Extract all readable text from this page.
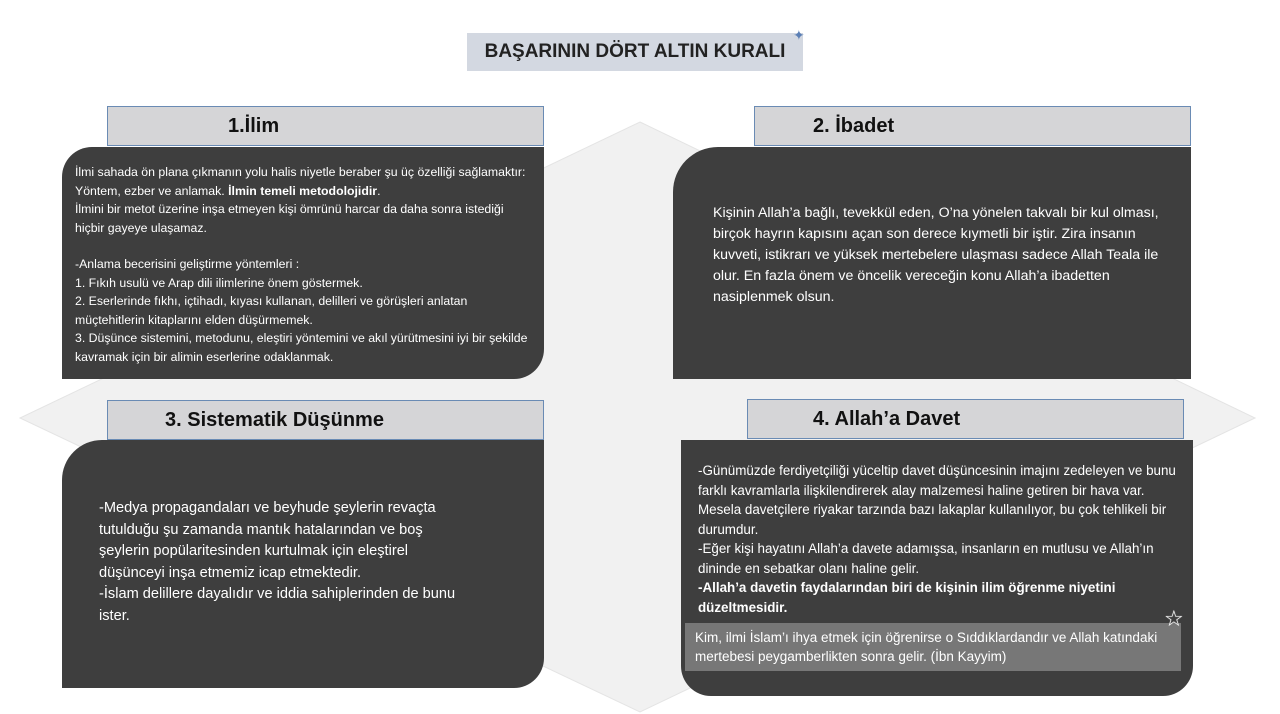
BAŞARININ DÖRT ALTIN KURALI
✦
1.İlim

İlmi sahada ön plana çıkmanın yolu halis niyetle beraber şu üç özelliği sağlamaktır: Yöntem, ezber ve anlamak. İlmin temeli metodolojidir.

İlmini bir metot üzerine inşa etmeyen kişi ömrünü harcar da daha sonra istediği hiçbir gayeye ulaşamaz.

-Anlama becerisini geliştirme yöntemleri :

1. Fıkıh usulü ve Arap dili ilimlerine önem göstermek.

2. Eserlerinde fıkhı, içtihadı, kıyası kullanan, delilleri ve görüşleri anlatan müçtehitlerin kitaplarını elden düşürmemek.

3. Düşünce sistemini, metodunu, eleştiri yöntemini ve akıl yürütmesini iyi bir şekilde kavramak için bir alimin eserlerine odaklanmak.

2. İbadet

Kişinin Allah’a bağlı, tevekkül eden, O’na yönelen takvalı bir kul olması, birçok hayrın kapısını açan son derece kıymetli bir iştir. Zira insanın kuvveti, istikrarı ve yüksek mertebelere ulaşması sadece Allah Teala ile olur. En fazla önem ve öncelik vereceğin konu Allah’a ibadetten nasiplenmek olsun.

3. Sistematik Düşünme

-Medya propagandaları ve beyhude şeylerin revaçta tutulduğu şu zamanda mantık hatalarından ve boş şeylerin popülaritesinden kurtulmak için eleştirel düşünceyi inşa etmemiz icap etmektedir.

-İslam delillere dayalıdır ve iddia sahiplerinden de bunu ister.

4. Allah’a Davet

-Günümüzde ferdiyetçiliği yüceltip davet düşüncesinin imajını zedeleyen ve bunu farklı kavramlarla ilişkilendirerek alay malzemesi haline getiren bir hava var. Mesela davetçilere riyakar tarzında bazı lakaplar kullanılıyor, bu çok tehlikeli bir durumdur.

-Eğer kişi hayatını Allah’a davete adamışsa, insanların en mutlusu ve Allah’ın dininde en sebatkar olanı haline gelir.

-Allah’a davetin faydalarından biri de kişinin ilim öğrenme niyetini düzeltmesidir.

Kim, ilmi İslam’ı ihya etmek için öğrenirse o Sıddıklardandır ve Allah katındaki mertebesi peygamberlikten sonra gelir. (İbn Kayyim)
☆
